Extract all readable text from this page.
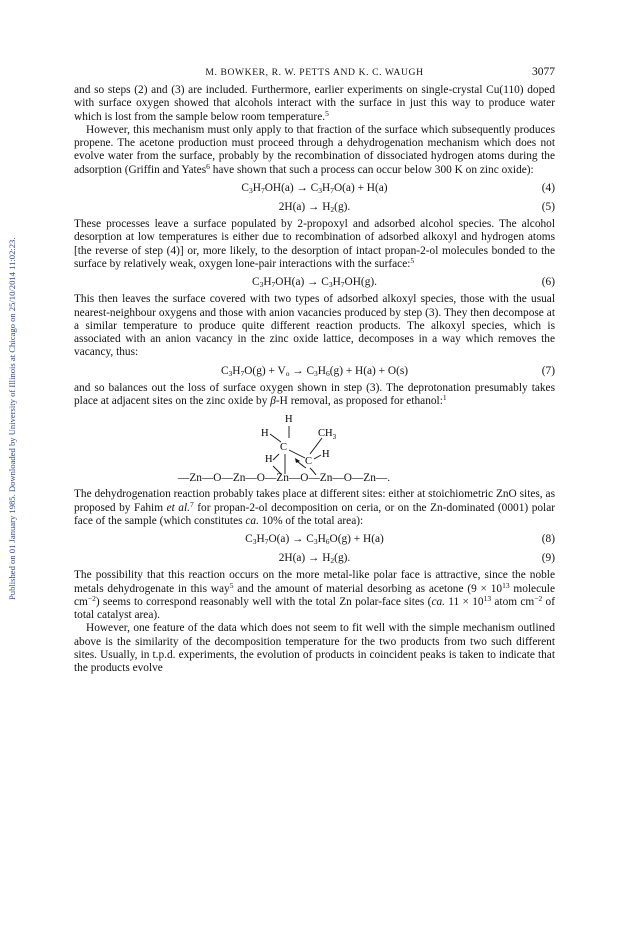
Published on 01 January 1985. Downloaded by University of Illinois at Chicago on 25/10/2014 11:02:23.
M. BOWKER, R. W. PETTS AND K. C. WAUGH	3077

and so steps (2) and (3) are included. Furthermore, earlier experiments on single-crystal Cu(110) doped with surface oxygen showed that alcohols interact with the surface in just this way to produce water which is lost from the sample below room temperature.$^5$

However, this mechanism must only apply to that fraction of the surface which subsequently produces propene. The acetone production must proceed through a dehydrogenation mechanism which does not evolve water from the surface, probably by the recombination of dissociated hydrogen atoms during the adsorption (Griffin and Yates$^6$ have shown that such a process can occur below 300 K on zinc oxide):

$C_3H_7OH(a) \to C_3H_7O(a) + H(a)$	(4)
$2H(a) \to H_2(g)$.	(5)

These processes leave a surface populated by 2-propoxyl and adsorbed alcohol species. The alcohol desorption at low temperatures is either due to recombination of adsorbed alkoxyl and hydrogen atoms [the reverse of step (4)] or, more likely, to the desorption of intact propan-2-ol molecules bonded to the surface by relatively weak, oxygen lone-pair interactions with the surface:$^5$

$C_3H_7OH(a) \to C_3H_7OH(g)$.	(6)

This then leaves the surface covered with two types of adsorbed alkoxyl species, those with the usual nearest-neighbour oxygens and those with anion vacancies produced by step (3). They then decompose at a similar temperature to produce quite different reaction products. The alkoxyl species, which is associated with an anion vacancy in the zinc oxide lattice, decomposes in a way which removes the vacancy, thus:

$C_3H_7O(g) + V_o \to C_3H_6(g) + H(a) + O(s)$	(7)

and so balances out the loss of surface oxygen shown in step (3). The deprotonation presumably takes place at adjacent sites on the zinc oxide by β-H removal, as proposed for ethanol:$^1$

H
H	$CH_3$
C
C
H
H
—Zn—O—Zn—O—Zn—O—Zn—O—Zn—.

The dehydrogenation reaction probably takes place at different sites: either at stoichiometric ZnO sites, as proposed by Fahim et al.$^7$ for propan-2-ol decomposition on ceria, or on the Zn-dominated (0001) polar face of the sample (which constitutes ca. 10% of the total area):

$C_3H_7O(a) \to C_3H_6O(g) + H(a)$	(8)
$2H(a) \to H_2(g)$.	(9)

The possibility that this reaction occurs on the more metal-like polar face is attractive, since the noble metals dehydrogenate in this way$^5$ and the amount of material desorbing as acetone ($9 \times 10^{13}$ molecule $cm^{-2}$) seems to correspond reasonably well with the total Zn polar-face sites (ca. $11 \times 10^{13}$ atom $cm^{-2}$ of total catalyst area).

However, one feature of the data which does not seem to fit well with the simple mechanism outlined above is the similarity of the decomposition temperature for the two products from two such different sites. Usually, in t.p.d. experiments, the evolution of products in coincident peaks is taken to indicate that the products evolve
